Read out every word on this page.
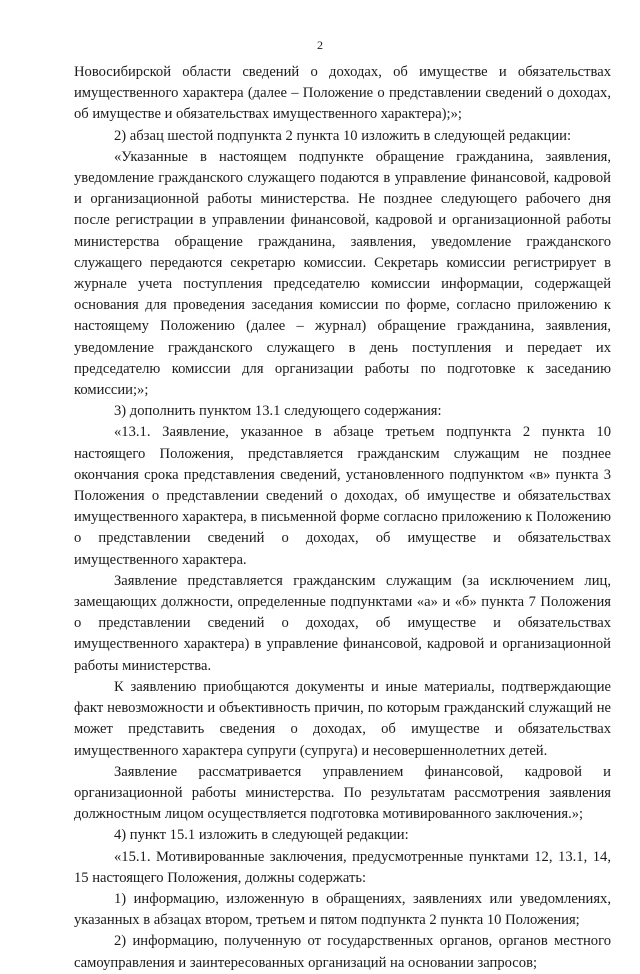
2

Новосибирской области сведений о доходах, об имуществе и обязательствах имущественного характера (далее – Положение о представлении сведений о доходах, об имуществе и обязательствах имущественного характера);»;

2) абзац шестой подпункта 2 пункта 10 изложить в следующей редакции:

«Указанные в настоящем подпункте обращение гражданина, заявления, уведомление гражданского служащего подаются в управление финансовой, кадровой и организационной работы министерства. Не позднее следующего рабочего дня после регистрации в управлении финансовой, кадровой и организационной работы министерства обращение гражданина, заявления, уведомление гражданского служащего передаются секретарю комиссии. Секретарь комиссии регистрирует в журнале учета поступления председателю комиссии информации, содержащей основания для проведения заседания комиссии по форме, согласно приложению к настоящему Положению (далее – журнал) обращение гражданина, заявления, уведомление гражданского служащего в день поступления и передает их председателю комиссии для организации работы по подготовке к заседанию комиссии;»;

3) дополнить пунктом 13.1 следующего содержания:

«13.1. Заявление, указанное в абзаце третьем подпункта 2 пункта 10 настоящего Положения, представляется гражданским служащим не позднее окончания срока представления сведений, установленного подпунктом «в» пункта 3 Положения о представлении сведений о доходах, об имуществе и обязательствах имущественного характера, в письменной форме согласно приложению к Положению о представлении сведений о доходах, об имуществе и обязательствах имущественного характера.

Заявление представляется гражданским служащим (за исключением лиц, замещающих должности, определенные подпунктами «а» и «б» пункта 7 Положения о представлении сведений о доходах, об имуществе и обязательствах имущественного характера) в управление финансовой, кадровой и организационной работы министерства.

К заявлению приобщаются документы и иные материалы, подтверждающие факт невозможности и объективность причин, по которым гражданский служащий не может представить сведения о доходах, об имуществе и обязательствах имущественного характера супруги (супруга) и несовершеннолетних детей.

Заявление рассматривается управлением финансовой, кадровой и организационной работы министерства. По результатам рассмотрения заявления должностным лицом осуществляется подготовка мотивированного заключения.»;

4) пункт 15.1 изложить в следующей редакции:

«15.1. Мотивированные заключения, предусмотренные пунктами 12, 13.1, 14, 15 настоящего Положения, должны содержать:

1) информацию, изложенную в обращениях, заявлениях или уведомлениях, указанных в абзацах втором, третьем и пятом подпункта 2 пункта 10 Положения;

2) информацию, полученную от государственных органов, органов местного самоуправления и заинтересованных организаций на основании запросов;
